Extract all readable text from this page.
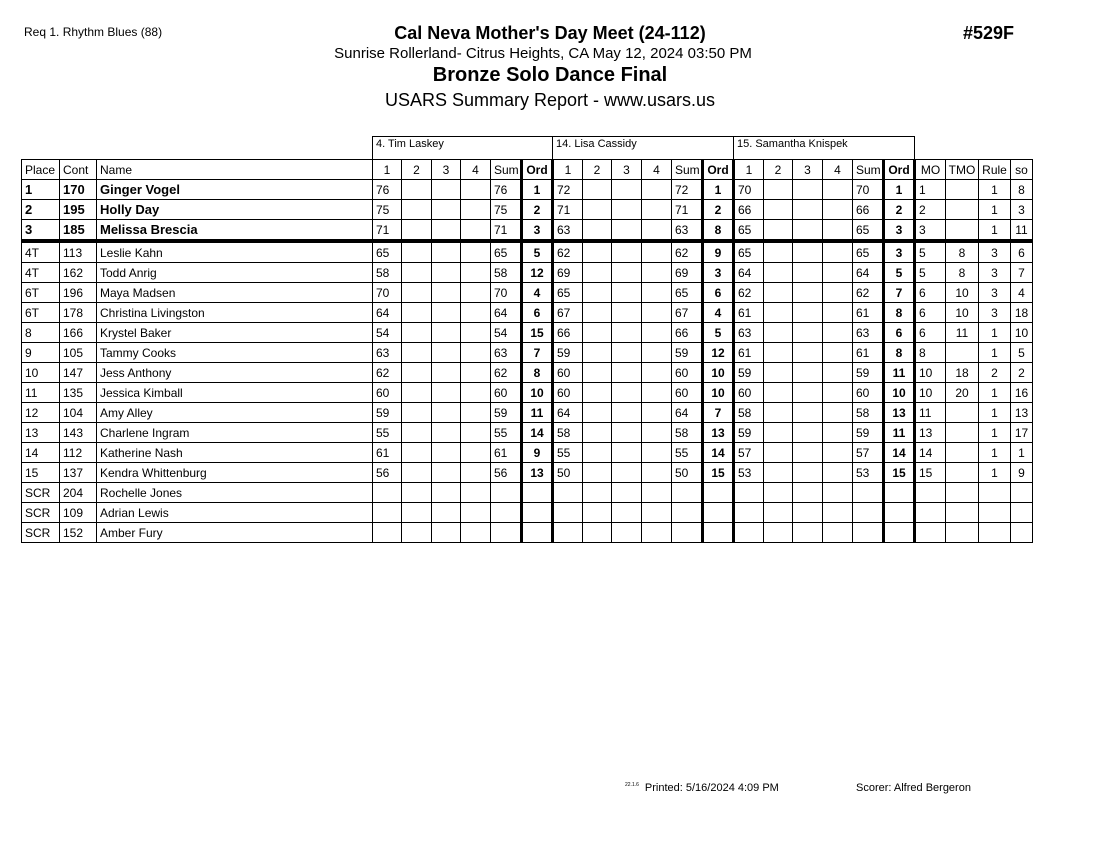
Req 1. Rhythm Blues (88)	Cal Neva Mother's Day Meet (24-112)
Sunrise Rollerland- Citrus Heights, CA May 12, 2024 03:50 PM
Bronze Solo Dance Final
USARS Summary Report - www.usars.us
#529F
			4. Tim Laskey						14. Lisa Cassidy						15. Samantha Knispek									
Place	Cont	Name	1	2	3	4	Sum	Ord	1	2	3	4	Sum	Ord	1	2	3	4	Sum	Ord	MO	TMO	Rule	so
1	170	Ginger Vogel	76				76	1	72				72	1	70				70	1	1		1	8
2	195	Holly Day	75				75	2	71				71	2	66				66	2	2		1	3
3	185	Melissa Brescia	71				71	3	63				63	8	65				65	3	3		1	11
4T	113	Leslie Kahn	65				65	5	62				62	9	65				65	3	5	8	3	6
4T	162	Todd Anrig	58				58	12	69				69	3	64				64	5	5	8	3	7
6T	196	Maya Madsen	70				70	4	65				65	6	62				62	7	6	10	3	4
6T	178	Christina Livingston	64				64	6	67				67	4	61				61	8	6	10	3	18
8	166	Krystel Baker	54				54	15	66				66	5	63				63	6	6	11	1	10
9	105	Tammy Cooks	63				63	7	59				59	12	61				61	8	8		1	5
10	147	Jess Anthony	62				62	8	60				60	10	59				59	11	10	18	2	2
11	135	Jessica Kimball	60				60	10	60				60	10	60				60	10	10	20	1	16
12	104	Amy Alley	59				59	11	64				64	7	58				58	13	11		1	13
13	143	Charlene Ingram	55				55	14	58				58	13	59				59	11	13		1	17
14	112	Katherine Nash	61				61	9	55				55	14	57				57	14	14		1	1
15	137	Kendra Whittenburg	56				56	13	50				50	15	53				53	15	15		1	9
SCR	204	Rochelle Jones																						
SCR	109	Adrian Lewis																						
SCR	152	Amber Fury																						
$^{22.1.6}$ Printed: 5/16/2024 4:09 PM	Scorer: Alfred Bergeron
